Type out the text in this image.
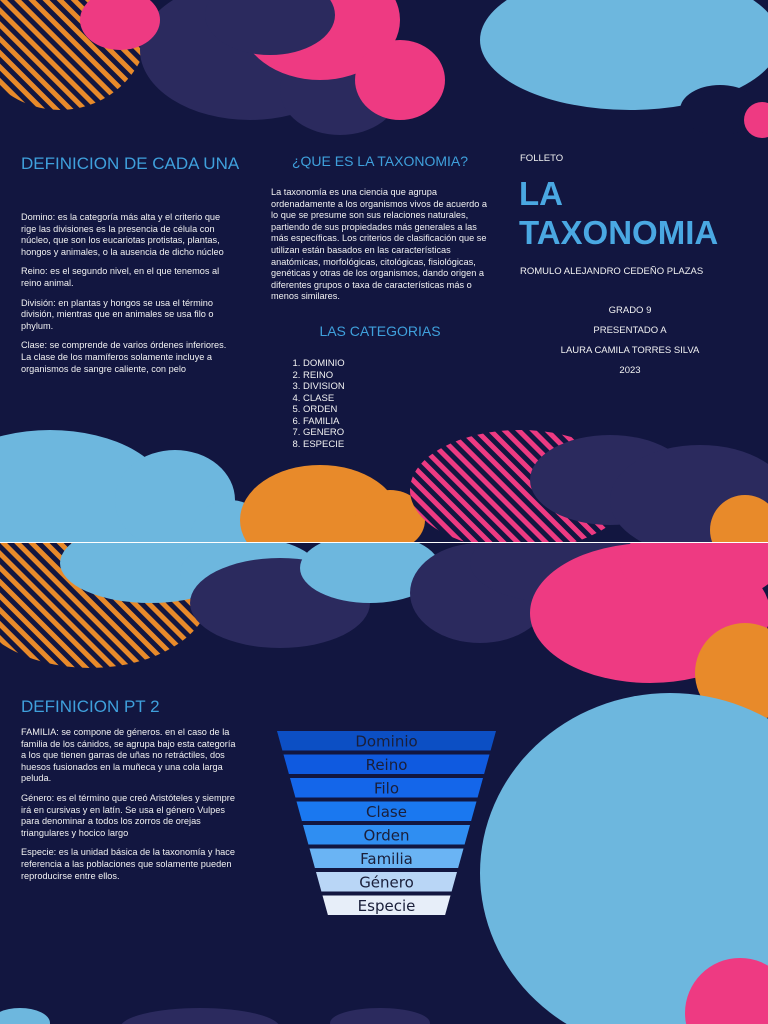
DEFINICION DE CADA UNA

Domino: es la categoría más alta y el criterio que rige las divisiones es la presencia de célula con núcleo, que son los eucariotas protistas, plantas, hongos y animales, o la ausencia de dicho núcleo

Reino: es el segundo nivel, en el que tenemos al reino animal.

División: en plantas y hongos se usa el término división, mientras que en animales se usa filo o phylum.

Clase: se comprende de varios órdenes inferiores. La clase de los mamíferos solamente incluye a organismos de sangre caliente, con pelo

¿QUE ES LA TAXONOMIA?
La taxonomía es una ciencia que agrupa ordenadamente a los organismos vivos de acuerdo a lo que se presume son sus relaciones naturales, partiendo de sus propiedades más generales a las más específicas. Los criterios de clasificación que se utilizan están basados en las características anatómicas, morfológicas, citológicas, fisiológicas, genéticas y otras de los organismos, dando origen a diferentes grupos o taxa de características más o menos similares.
LAS CATEGORIAS
1. DOMINIO
2. REINO
3. DIVISION
4. CLASE
5. ORDEN
6. FAMILIA
7. GENERO
8. ESPECIE
FOLLETO
LA
TAXONOMIA
ROMULO ALEJANDRO CEDEÑO PLAZAS
GRADO 9
PRESENTADO A
LAURA CAMILA TORRES SILVA
2023
DEFINICION PT 2

FAMILIA: se compone de géneros. en el caso de la familia de los cánidos, se agrupa bajo esta categoría a los que tienen garras de uñas no retráctiles, dos huesos fusionados en la muñeca y una cola larga peluda.

Género: es el término que creó Aristóteles y siempre irá en cursivas y en latín. Se usa el género Vulpes para denominar a todos los zorros de orejas triangulares y hocico largo

Especie: es la unidad básica de la taxonomía y hace referencia a las poblaciones que solamente pueden reproducirse entre ellos.

Dominio
Reino
Filo
Clase
Orden
Familia
Género
Especie
